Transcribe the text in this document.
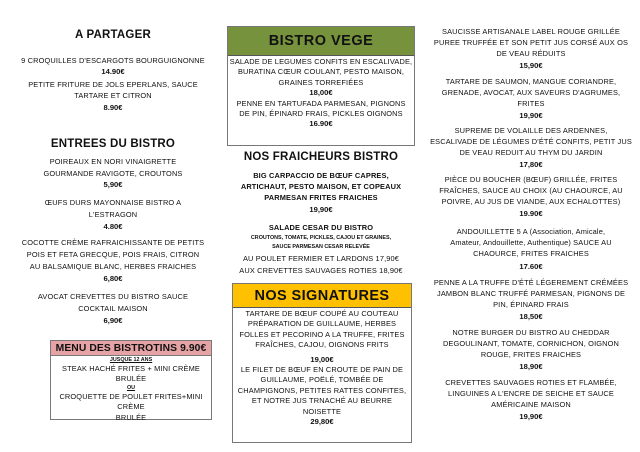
A PARTAGER
9 CROQUILLES D'ESCARGOTS BOURGUIGNONNE
14.90€
PETITE FRITURE DE JOLS EPERLANS, SAUCE
TARTARE ET CITRON
8.90€
ENTREES DU BISTRO
POIREAUX EN NORI VINAIGRETTE
GOURMANDE RAVIGOTE, CROUTONS
5,90€
ŒUFS DURS MAYONNAISE BISTRO A
L'ESTRAGON
4.80€
COCOTTE CRÈME RAFRAICHISSANTE DE PETITS
POIS ET FETA GRECQUE, POIS FRAIS, CITRON
AU BALSAMIQUE BLANC, HERBES FRAICHES
6,80€
AVOCAT CREVETTES DU BISTRO SAUCE
COCKTAIL MAISON
6,90€
MENU DES BISTROTINS 9.90€
JUSQUE 12 ANS
STEAK HACHÉ FRITES + MINI CRÈME BRULÉE
OU
CROQUETTE DE POULET FRITES+MINI CRÈME
BRULÉE
BISTRO VEGE
SALADE DE LEGUMES CONFITS EN ESCALIVADE,
BURATINA CŒUR COULANT, PESTO MAISON,
GRAINES TORREFIÉES
18,00€
PENNE EN TARTUFADA PARMESAN, PIGNONS
DE PIN, ÉPINARD FRAIS, PICKLES OIGNONS
16.90€
NOS FRAICHEURS BISTRO
BIG CARPACCIO DE BŒUF CAPRES,
ARTICHAUT, PESTO MAISON, ET COPEAUX
PARMESAN FRITES FRAICHES
19,90€
SALADE CESAR DU BISTRO
CROUTONS, TOMATE, PICKLES, CAJOU ET GRAINES,
SAUCE PARMESAN CESAR RELEVÉE
AU POULET FERMIER ET LARDONS 17,90€
AUX CREVETTES SAUVAGES ROTIES 18,90€
NOS SIGNATURES
TARTARE DE BŒUF COUPÉ AU COUTEAU
PRÉPARATION DE GUILLAUME, HERBES
FOLLES ET PECORINO A LA TRUFFE, FRITES
FRAÎCHES, CAJOU, OIGNONS FRITS
19,00€
LE FILET DE BŒUF EN CROUTE DE PAIN DE
GUILLAUME, POËLÉ, TOMBÉE DE
CHAMPIGNONS, PETITES RATTES CONFITES,
ET NOTRE JUS TRNACHÉ AU BEURRE
NOISETTE
29,80€
SAUCISSE ARTISANALE LABEL ROUGE GRILLÉE
PUREE TRUFFÉE ET SON PETIT JUS CORSÉ AUX OS
DE VEAU RÉDUITS
15,90€
TARTARE DE SAUMON, MANGUE CORIANDRE,
GRENADE, AVOCAT, AUX SAVEURS D'AGRUMES,
FRITES
19,90€
SUPREME DE VOLAILLE DES ARDENNES,
ESCALIVADE DE LÉGUMES D'ÉTÉ CONFITS, PETIT JUS
DE VEAU REDUIT AU THYM DU JARDIN
17,80€
PIÈCE DU BOUCHER (BŒUF) GRILLÉE, FRITES
FRAÎCHES, SAUCE AU CHOIX (AU CHAOURCE, AU
POIVRE, AU JUS DE VIANDE, AUX ECHALOTTES)
19.90€
ANDOUILLETTE 5 A (Association, Amicale,
Amateur, Andouillette, Authentique) SAUCE AU
CHAOURCE, FRITES FRAICHES
17.60€
PENNE A LA TRUFFE D'ÉTÉ LÉGEREMENT CRÉMÉES
JAMBON BLANC TRUFFÉ PARMESAN, PIGNONS DE
PIN, ÉPINARD FRAIS
18,50€
NOTRE BURGER DU BISTRO AU CHEDDAR
DEGOULINANT, TOMATE, CORNICHON, OIGNON
ROUGE, FRITES FRAICHES
18,90€
CREVETTES SAUVAGES ROTIES ET FLAMBÉE,
LINGUINES A L'ENCRE DE SEICHE ET SAUCE
AMÉRICAINE MAISON
19,90€
